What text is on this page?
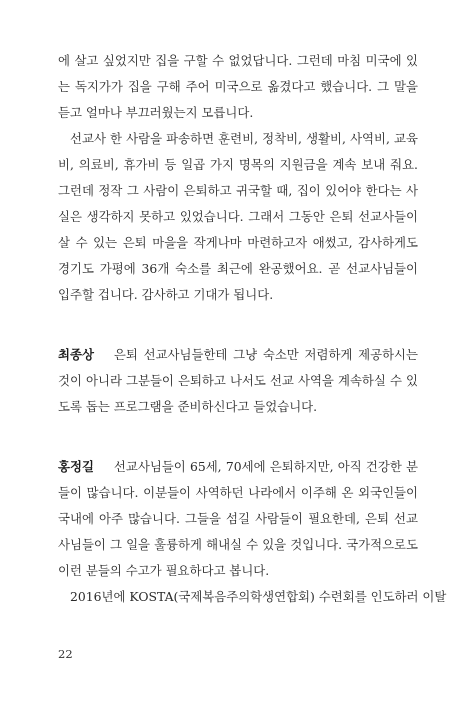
에 살고 싶었지만 집을 구할 수 없었답니다. 그런데 마침 미국에 있
는 독지가가 집을 구해 주어 미국으로 옮겼다고 했습니다. 그 말을
듣고 얼마나 부끄러웠는지 모릅니다.
선교사 한 사람을 파송하면 훈련비, 정착비, 생활비, 사역비, 교육
비, 의료비, 휴가비 등 일곱 가지 명목의 지원금을 계속 보내 줘요.
그런데 정작 그 사람이 은퇴하고 귀국할 때, 집이 있어야 한다는 사
실은 생각하지 못하고 있었습니다. 그래서 그동안 은퇴 선교사들이
살 수 있는 은퇴 마을을 작게나마 마련하고자 애썼고, 감사하게도
경기도 가평에 36개 숙소를 최근에 완공했어요. 곧 선교사님들이
입주할 겁니다. 감사하고 기대가 됩니다.
최종상 은퇴 선교사님들한테 그냥 숙소만 저렴하게 제공하시는
것이 아니라 그분들이 은퇴하고 나서도 선교 사역을 계속하실 수 있
도록 돕는 프로그램을 준비하신다고 들었습니다.
홍정길 선교사님들이 65세, 70세에 은퇴하지만, 아직 건강한 분
들이 많습니다. 이분들이 사역하던 나라에서 이주해 온 외국인들이
국내에 아주 많습니다. 그들을 섬길 사람들이 필요한데, 은퇴 선교
사님들이 그 일을 훌륭하게 해내실 수 있을 것입니다. 국가적으로도
이런 분들의 수고가 필요하다고 봅니다.
2016년에 KOSTA(국제복음주의학생연합회) 수련회를 인도하러 이탈
22
